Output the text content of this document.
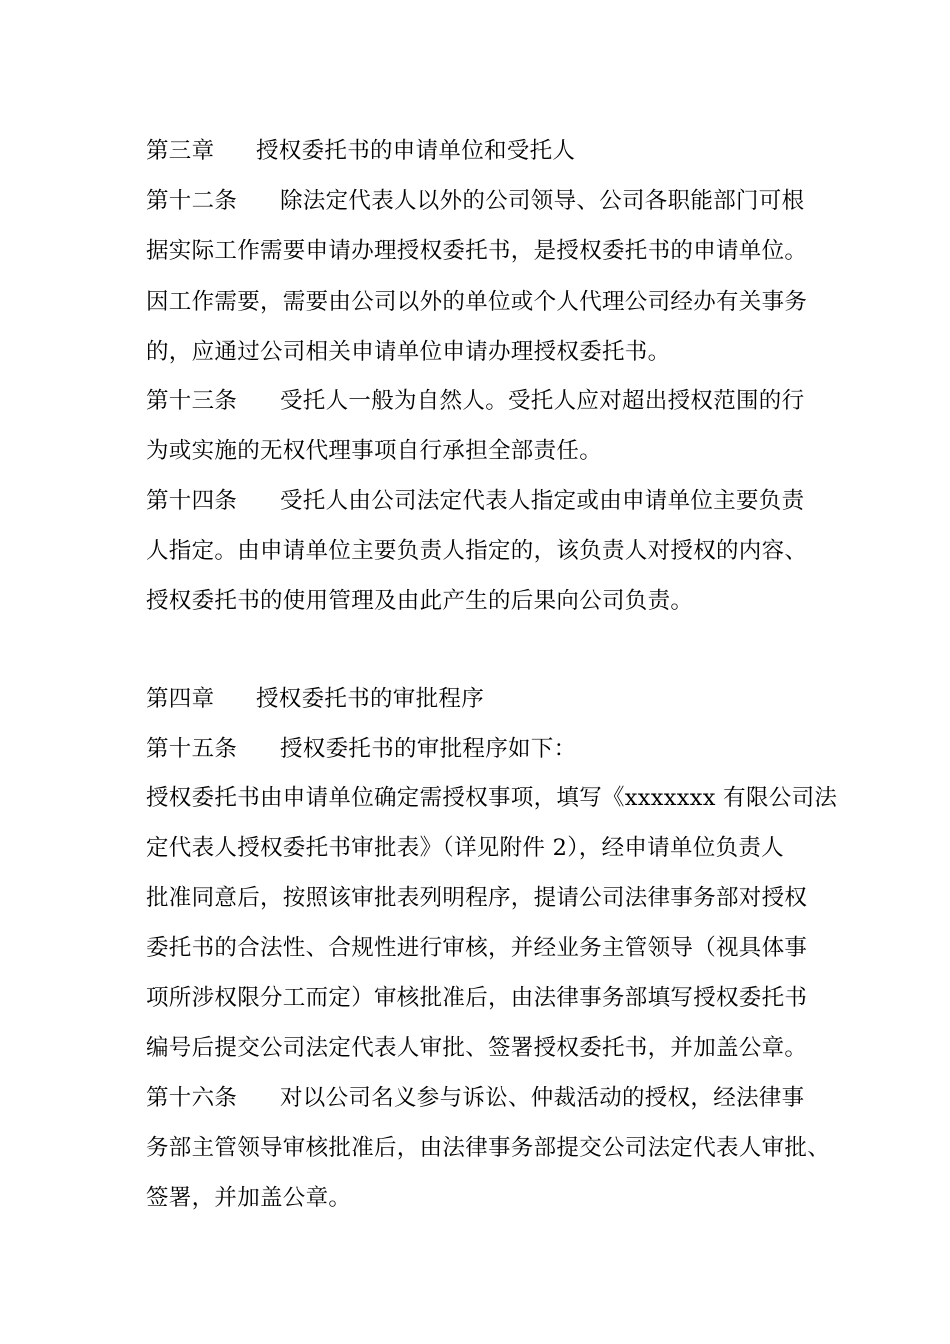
第三章 授权委托书的申请单位和受托人
第十二条 除法定代表人以外的公司领导、公司各职能部门可根
据实际工作需要申请办理授权委托书，是授权委托书的申请单位。
因工作需要，需要由公司以外的单位或个人代理公司经办有关事务
的，应通过公司相关申请单位申请办理授权委托书。
第十三条 受托人一般为自然人。受托人应对超出授权范围的行
为或实施的无权代理事项自行承担全部责任。
第十四条 受托人由公司法定代表人指定或由申请单位主要负责
人指定。由申请单位主要负责人指定的，该负责人对授权的内容、
授权委托书的使用管理及由此产生的后果向公司负责。
第四章 授权委托书的审批程序
第十五条 授权委托书的审批程序如下：
授权委托书由申请单位确定需授权事项，填写《xxxxxxx 有限公司法
定代表人授权委托书审批表》（详见附件 2），经申请单位负责人
批准同意后，按照该审批表列明程序，提请公司法律事务部对授权
委托书的合法性、合规性进行审核，并经业务主管领导（视具体事
项所涉权限分工而定）审核批准后，由法律事务部填写授权委托书
编号后提交公司法定代表人审批、签署授权委托书，并加盖公章。
第十六条 对以公司名义参与诉讼、仲裁活动的授权，经法律事
务部主管领导审核批准后，由法律事务部提交公司法定代表人审批、
签署，并加盖公章。
